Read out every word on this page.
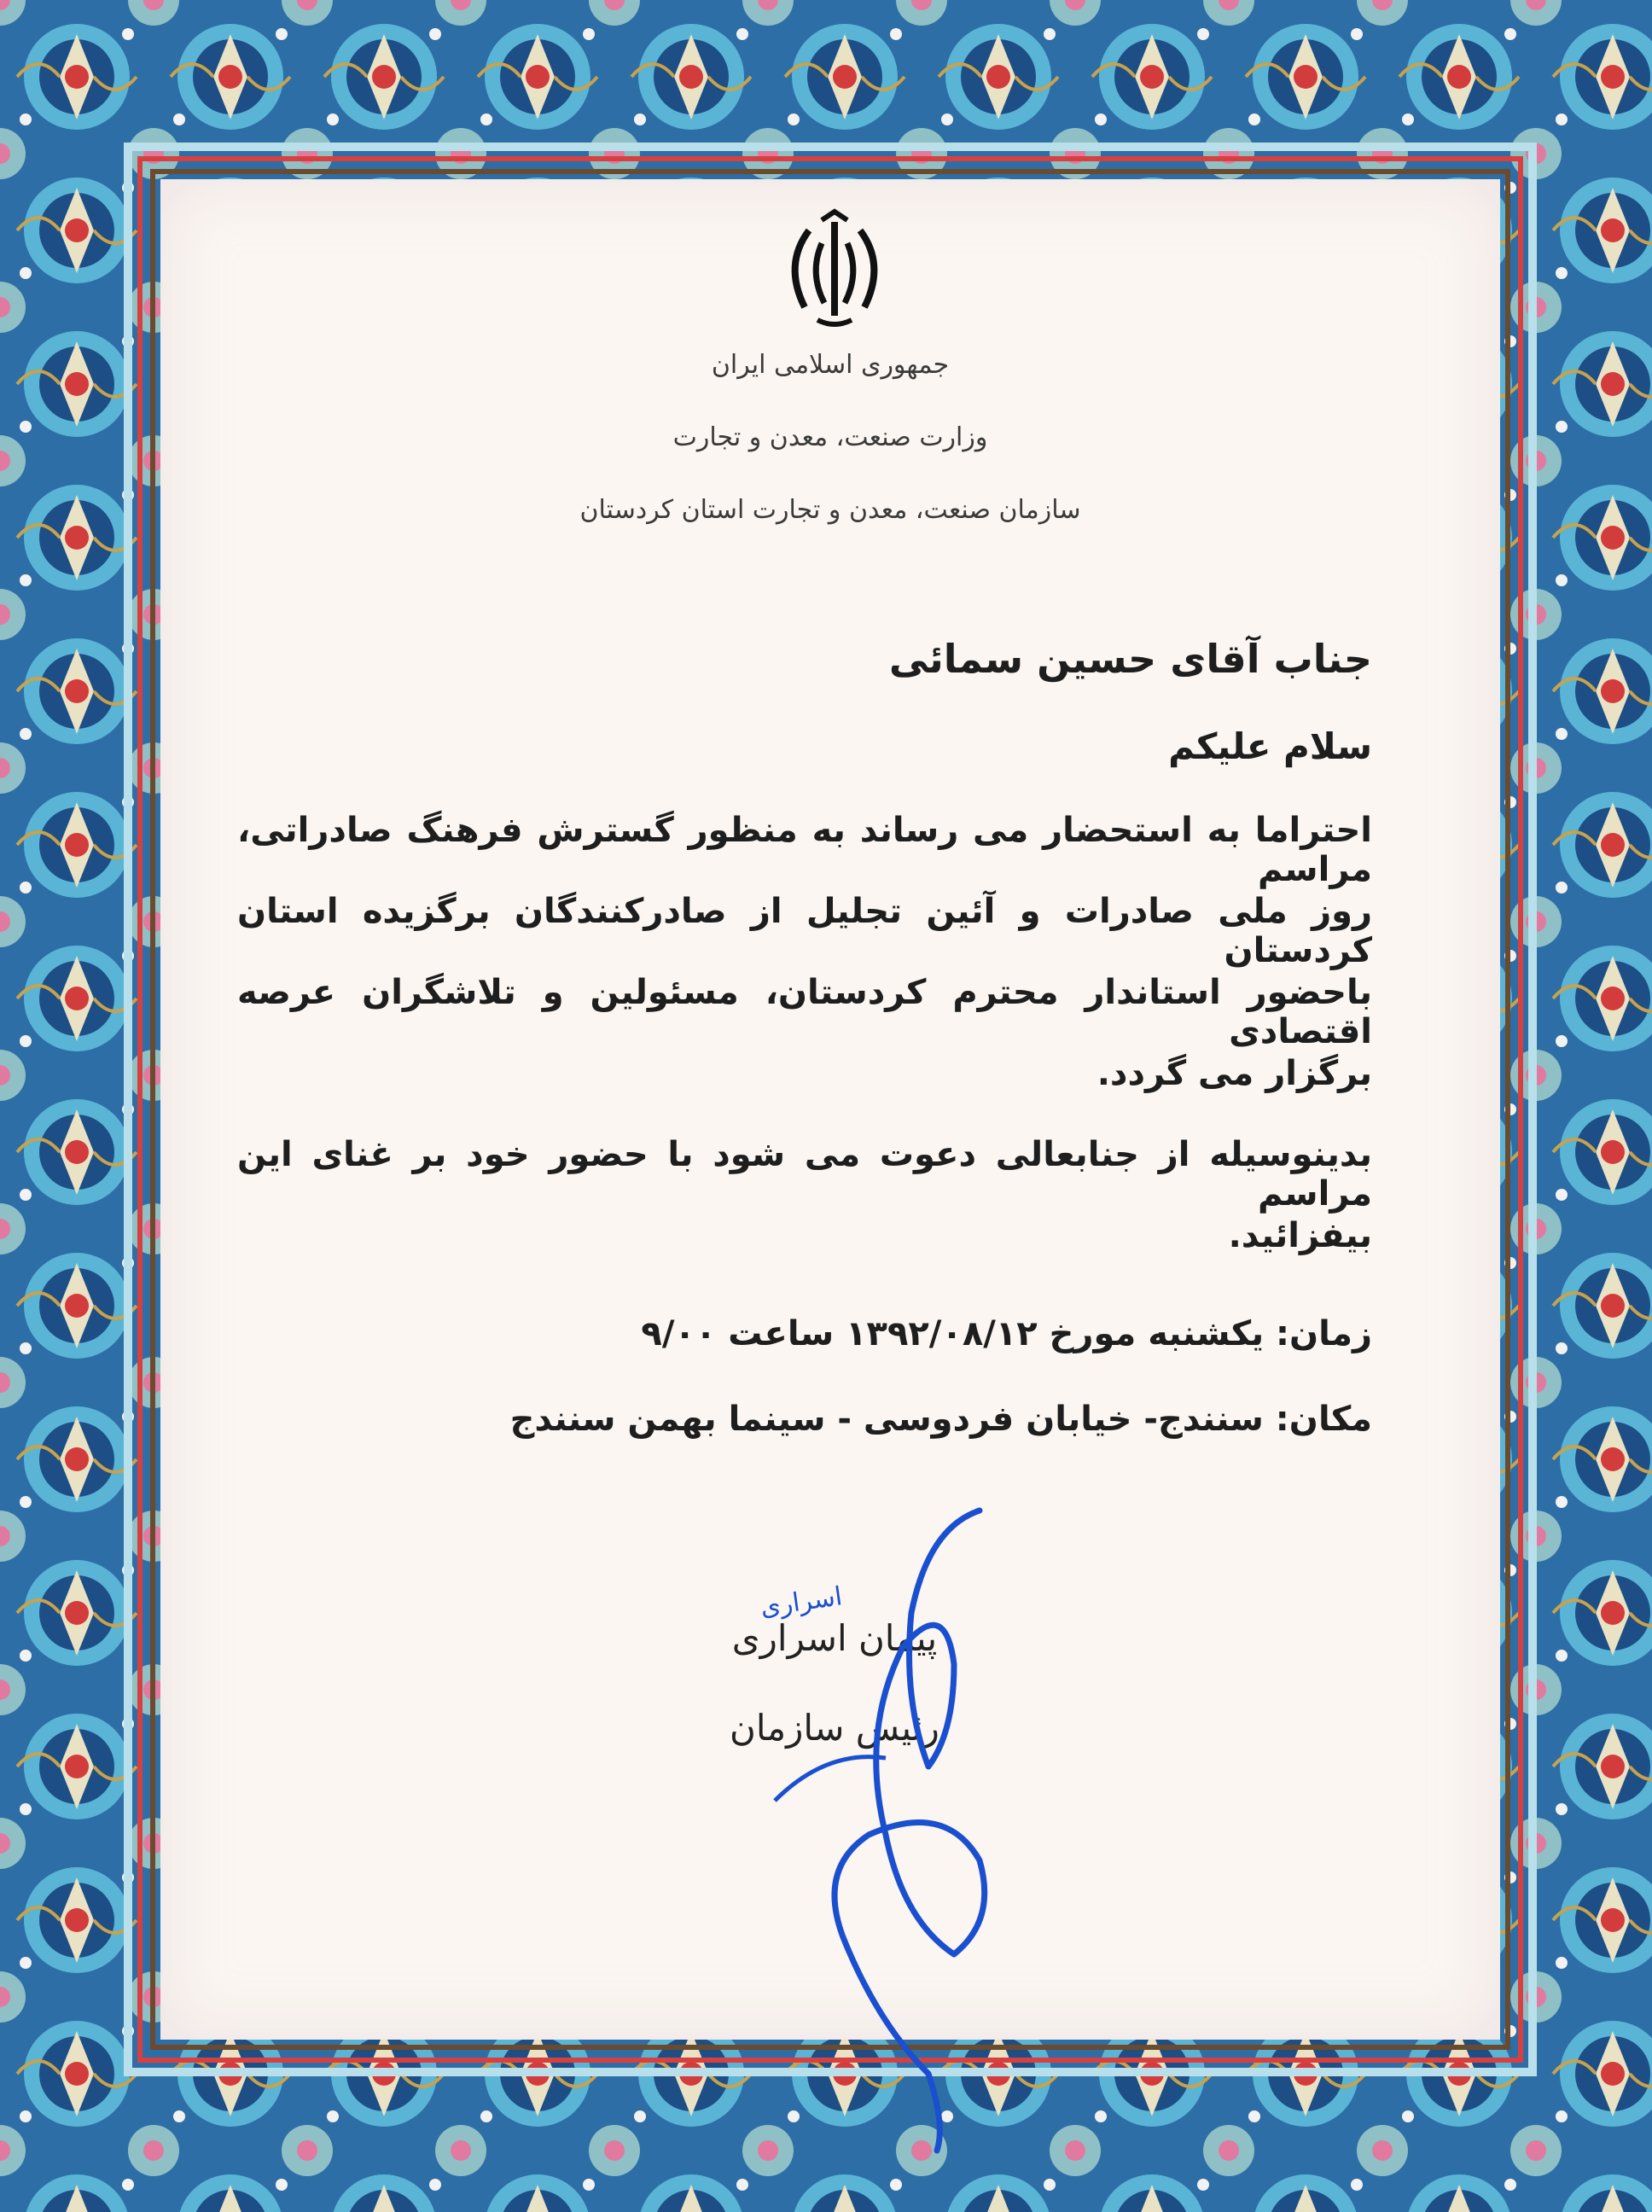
جمهوری اسلامی ایران
وزارت صنعت، معدن و تجارت
سازمان صنعت، معدن و تجارت استان کردستان
جناب آقای حسین سمائی
سلام علیکم
احتراما به استحضار می رساند به منظور گسترش فرهنگ صادراتی، مراسم
روز ملی صادرات و آئین تجلیل از صادرکنندگان برگزیده استان کردستان
باحضور استاندار محترم کردستان، مسئولین و تلاشگران عرصه اقتصادی
برگزار می گردد.
بدینوسیله از جنابعالی دعوت می شود با حضور خود بر غنای این مراسم
بیفزائید.
زمان: یکشنبه مورخ ۱۳۹۲/۰۸/۱۲ ساعت ۹/۰۰
مکان: سنندج- خیابان فردوسی - سینما بهمن سنندج
پیمان اسراری
رئیس سازمان
اسراری
